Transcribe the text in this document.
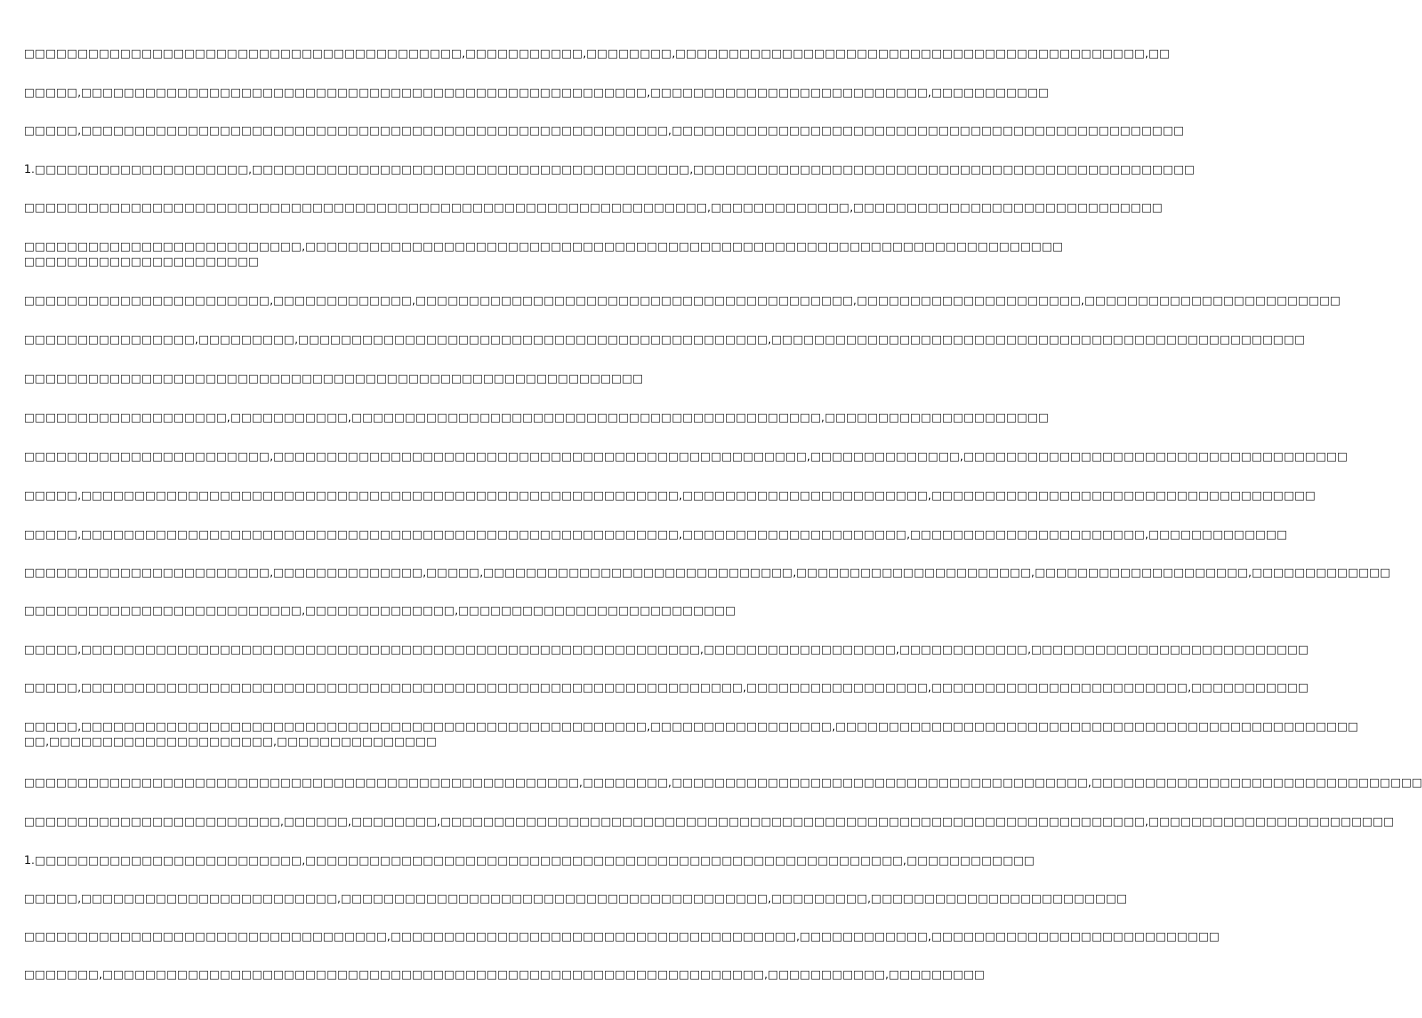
□□□□□□□□□□□□□□□□□□□□□□□□□□□□□□□□□□□□□□□□□,□□□□□□□□□□□,□□□□□□□□,□□□□□□□□□□□□□□□□□□□□□□□□□□□□□□□□□□□□□□□□□□□□,□□

□□□□□,□□□□□□□□□□□□□□□□□□□□□□□□□□□□□□□□□□□□□□□□□□□□□□□□□□□□□,□□□□□□□□□□□□□□□□□□□□□□□□□□,□□□□□□□□□□□

□□□□□,□□□□□□□□□□□□□□□□□□□□□□□□□□□□□□□□□□□□□□□□□□□□□□□□□□□□□□□,□□□□□□□□□□□□□□□□□□□□□□□□□□□□□□□□□□□□□□□□□□□□□□□□

1.□□□□□□□□□□□□□□□□□□□□,□□□□□□□□□□□□□□□□□□□□□□□□□□□□□□□□□□□□□□□□□,□□□□□□□□□□□□□□□□□□□□□□□□□□□□□□□□□□□□□□□□□□□□□□□

□□□□□□□□□□□□□□□□□□□□□□□□□□□□□□□□□□□□□□□□□□□□□□□□□□□□□□□□□□□□□□□□,□□□□□□□□□□□□□,□□□□□□□□□□□□□□□□□□□□□□□□□□□□□

□□□□□□□□□□□□□□□□□□□□□□□□□□,□□□□□□□□□□□□□□□□□□□□□□□□□□□□□□□□□□□□□□□□□□□□□□□□□□□□□□□□□□□□□□□□□□□□□□□
□□□□□□□□□□□□□□□□□□□□□□

□□□□□□□□□□□□□□□□□□□□□□□,□□□□□□□□□□□□□,□□□□□□□□□□□□□□□□□□□□□□□□□□□□□□□□□□□□□□□□□,□□□□□□□□□□□□□□□□□□□□□,□□□□□□□□□□□□□□□□□□□□□□□□

□□□□□□□□□□□□□□□□,□□□□□□□□□,□□□□□□□□□□□□□□□□□□□□□□□□□□□□□□□□□□□□□□□□□□□□,□□□□□□□□□□□□□□□□□□□□□□□□□□□□□□□□□□□□□□□□□□□□□□□□□□

□□□□□□□□□□□□□□□□□□□□□□□□□□□□□□□□□□□□□□□□□□□□□□□□□□□□□□□□□□

□□□□□□□□□□□□□□□□□□□,□□□□□□□□□□□,□□□□□□□□□□□□□□□□□□□□□□□□□□□□□□□□□□□□□□□□□□□□,□□□□□□□□□□□□□□□□□□□□□

□□□□□□□□□□□□□□□□□□□□□□□,□□□□□□□□□□□□□□□□□□□□□□□□□□□□□□□□□□□□□□□□□□□□□□□□□□,□□□□□□□□□□□□□□,□□□□□□□□□□□□□□□□□□□□□□□□□□□□□□□□□□□□

□□□□□,□□□□□□□□□□□□□□□□□□□□□□□□□□□□□□□□□□□□□□□□□□□□□□□□□□□□□□□□,□□□□□□□□□□□□□□□□□□□□□□□,□□□□□□□□□□□□□□□□□□□□□□□□□□□□□□□□□□□□

□□□□□,□□□□□□□□□□□□□□□□□□□□□□□□□□□□□□□□□□□□□□□□□□□□□□□□□□□□□□□□,□□□□□□□□□□□□□□□□□□□□□,□□□□□□□□□□□□□□□□□□□□□□,□□□□□□□□□□□□□

□□□□□□□□□□□□□□□□□□□□□□□,□□□□□□□□□□□□□□,□□□□□,□□□□□□□□□□□□□□□□□□□□□□□□□□□□□,□□□□□□□□□□□□□□□□□□□□□□,□□□□□□□□□□□□□□□□□□□□,□□□□□□□□□□□□□

□□□□□□□□□□□□□□□□□□□□□□□□□□,□□□□□□□□□□□□□□,□□□□□□□□□□□□□□□□□□□□□□□□□□

□□□□□,□□□□□□□□□□□□□□□□□□□□□□□□□□□□□□□□□□□□□□□□□□□□□□□□□□□□□□□□□□,□□□□□□□□□□□□□□□□□□,□□□□□□□□□□□□,□□□□□□□□□□□□□□□□□□□□□□□□□□

□□□□□,□□□□□□□□□□□□□□□□□□□□□□□□□□□□□□□□□□□□□□□□□□□□□□□□□□□□□□□□□□□□□□,□□□□□□□□□□□□□□□□□,□□□□□□□□□□□□□□□□□□□□□□□□,□□□□□□□□□□□

□□□□□,□□□□□□□□□□□□□□□□□□□□□□□□□□□□□□□□□□□□□□□□□□□□□□□□□□□□□,□□□□□□□□□□□□□□□□□,□□□□□□□□□□□□□□□□□□□□□□□□□□□□□□□□□□□□□□□□□□□□□□□□□
□□,□□□□□□□□□□□□□□□□□□□□□,□□□□□□□□□□□□□□□

□□□□□□□□□□□□□□□□□□□□□□□□□□□□□□□□□□□□□□□□□□□□□□□□□□□□,□□□□□□□□,□□□□□□□□□□□□□□□□□□□□□□□□□□□□□□□□□□□□□□□,□□□□□□□□□□□□□□□□□□□□□□□□□□□□□□□

□□□□□□□□□□□□□□□□□□□□□□□□,□□□□□□,□□□□□□□□,□□□□□□□□□□□□□□□□□□□□□□□□□□□□□□□□□□□□□□□□□□□□□□□□□□□□□□□□□□□□□□□□□□,□□□□□□□□□□□□□□□□□□□□□□□

1.□□□□□□□□□□□□□□□□□□□□□□□□□,□□□□□□□□□□□□□□□□□□□□□□□□□□□□□□□□□□□□□□□□□□□□□□□□□□□□□□□□,□□□□□□□□□□□□

□□□□□,□□□□□□□□□□□□□□□□□□□□□□□□,□□□□□□□□□□□□□□□□□□□□□□□□□□□□□□□□□□□□□□□□,□□□□□□□□□,□□□□□□□□□□□□□□□□□□□□□□□□

□□□□□□□□□□□□□□□□□□□□□□□□□□□□□□□□□□,□□□□□□□□□□□□□□□□□□□□□□□□□□□□□□□□□□□□□□,□□□□□□□□□□□□,□□□□□□□□□□□□□□□□□□□□□□□□□□□

□□□□□□□,□□□□□□□□□□□□□□□□□□□□□□□□□□□□□□□□□□□□□□□□□□□□□□□□□□□□□□□□□□□□□□,□□□□□□□□□□□,□□□□□□□□□
